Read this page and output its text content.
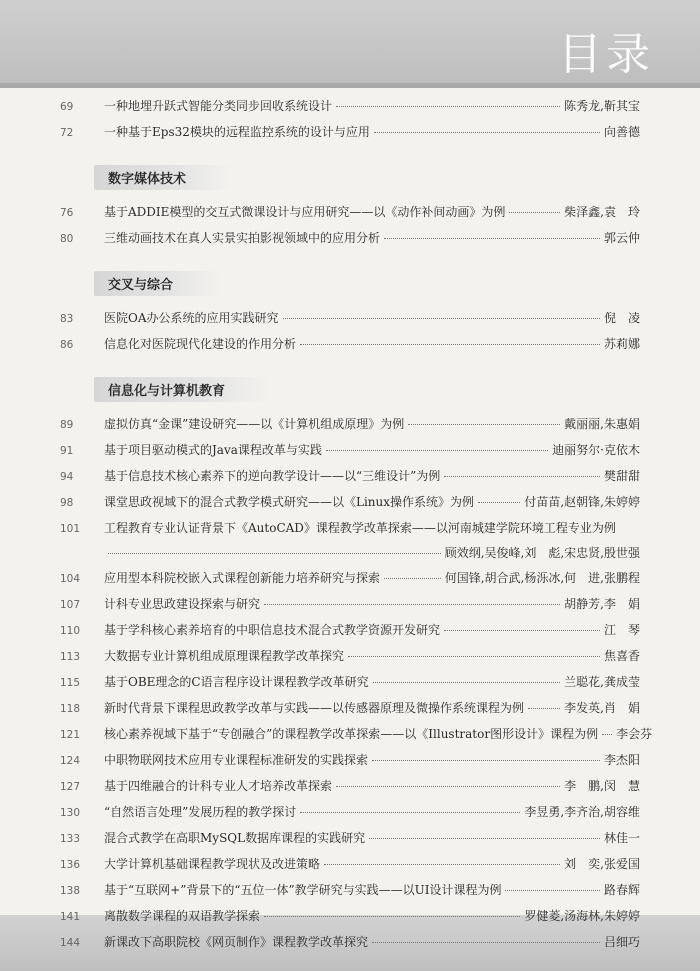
目录
69	一种地埋升跃式智能分类同步回收系统设计	陈秀龙,靳其宝
72	一种基于Eps32模块的远程监控系统的设计与应用	向善德
数字媒体技术
76	基于ADDIE模型的交互式微课设计与应用研究——以《动作补间动画》为例	柴泽鑫,袁　玲
80	三维动画技术在真人实景实拍影视领域中的应用分析	郭云仲
交叉与综合
83	医院OA办公系统的应用实践研究	倪　凌
86	信息化对医院现代化建设的作用分析	苏莉娜
信息化与计算机教育
89	虚拟仿真“金课”建设研究——以《计算机组成原理》为例	戴丽丽,朱惠娟
91	基于项目驱动模式的Java课程改革与实践	迪丽努尔·克依木
94	基于信息技术核心素养下的逆向教学设计——以“三维设计”为例	樊甜甜
98	课堂思政视域下的混合式教学模式研究——以《Linux操作系统》为例	付苗苗,赵朝锋,朱婷婷
101	工程教育专业认证背景下《AutoCAD》课程教学改革探索——以河南城建学院环境工程专业为例
顾效纲,吴俊峰,刘　彪,宋忠贤,殷世强
104	应用型本科院校嵌入式课程创新能力培养研究与探索	何国锋,胡合武,杨泺冰,何　进,张鹏程
107	计科专业思政建设探索与研究	胡静芳,李　娟
110	基于学科核心素养培育的中职信息技术混合式教学资源开发研究	江　琴
113	大数据专业计算机组成原理课程教学改革探究	焦喜香
115	基于OBE理念的C语言程序设计课程教学改革研究	兰聪花,龚成莹
118	新时代背景下课程思政教学改革与实践——以传感器原理及微操作系统课程为例	李发英,肖　娟
121	核心素养视域下基于“专创融合”的课程教学改革探索——以《Illustrator图形设计》课程为例 李会芬
124	中职物联网技术应用专业课程标准研发的实践探索	李杰阳
127	基于四维融合的计科专业人才培养改革探索	李　鹏,闵　慧
130	“自然语言处理”发展历程的教学探讨	李昱勇,李齐治,胡容维
133	混合式教学在高职MySQL数据库课程的实践研究	林佳一
136	大学计算机基础课程教学现状及改进策略	刘　奕,张爱国
138	基于“互联网+”背景下的“五位一体”教学研究与实践——以UI设计课程为例	路春辉
141	离散数学课程的双语教学探索	罗健菱,汤海林,朱婷婷
144	新课改下高职院校《网页制作》课程教学改革探究	吕细巧
